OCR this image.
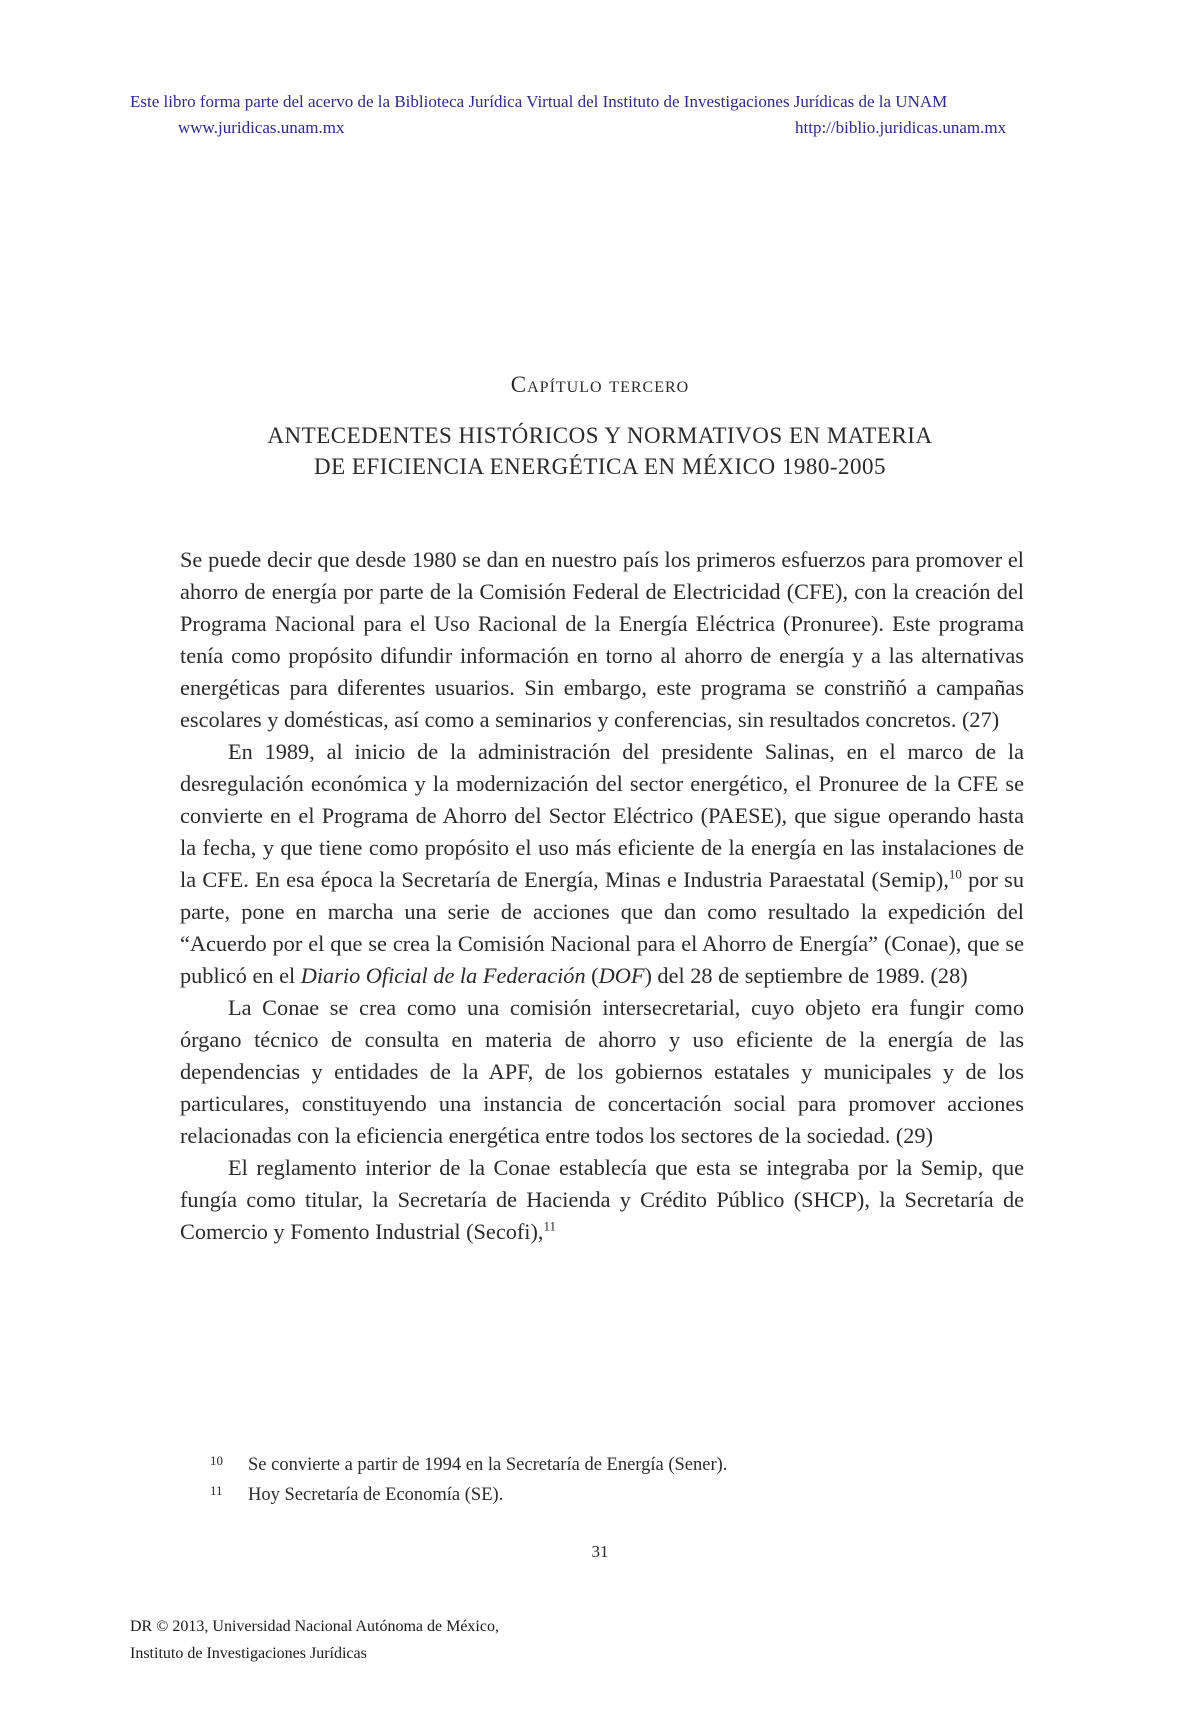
Este libro forma parte del acervo de la Biblioteca Jurídica Virtual del Instituto de Investigaciones Jurídicas de la UNAM
www.juridicas.unam.mx	http://biblio.juridicas.unam.mx
Capítulo tercero
ANTECEDENTES HISTÓRICOS Y NORMATIVOS EN MATERIA
DE EFICIENCIA ENERGÉTICA EN MÉXICO 1980-2005

Se puede decir que desde 1980 se dan en nuestro país los primeros esfuerzos para promover el ahorro de energía por parte de la Comisión Federal de Electricidad (CFE), con la creación del Programa Nacional para el Uso Racional de la Energía Eléctrica (Pronuree). Este programa tenía como propósito difundir información en torno al ahorro de energía y a las alternativas energéticas para diferentes usuarios. Sin embargo, este programa se constriñó a campañas escolares y domésticas, así como a seminarios y conferencias, sin resultados concretos. (27)

En 1989, al inicio de la administración del presidente Salinas, en el marco de la desregulación económica y la modernización del sector energético, el Pronuree de la CFE se convierte en el Programa de Ahorro del Sector Eléctrico (PAESE), que sigue operando hasta la fecha, y que tiene como propósito el uso más eficiente de la energía en las instalaciones de la CFE. En esa época la Secretaría de Energía, Minas e Industria Paraestatal (Semip),$^{10}$ por su parte, pone en marcha una serie de acciones que dan como resultado la expedición del “Acuerdo por el que se crea la Comisión Nacional para el Ahorro de Energía” (Conae), que se publicó en el Diario Oficial de la Federación (DOF) del 28 de septiembre de 1989. (28)

La Conae se crea como una comisión intersecretarial, cuyo objeto era fungir como órgano técnico de consulta en materia de ahorro y uso eficiente de la energía de las dependencias y entidades de la APF, de los gobiernos estatales y municipales y de los particulares, constituyendo una instancia de concertación social para promover acciones relacionadas con la eficiencia energética entre todos los sectores de la sociedad. (29)

El reglamento interior de la Conae establecía que esta se integraba por la Semip, que fungía como titular, la Secretaría de Hacienda y Crédito Público (SHCP), la Secretaría de Comercio y Fomento Industrial (Secofi),$^{11}$

10 Se convierte a partir de 1994 en la Secretaría de Energía (Sener).
11 Hoy Secretaría de Economía (SE).
31
DR © 2013, Universidad Nacional Autónoma de México,
Instituto de Investigaciones Jurídicas
